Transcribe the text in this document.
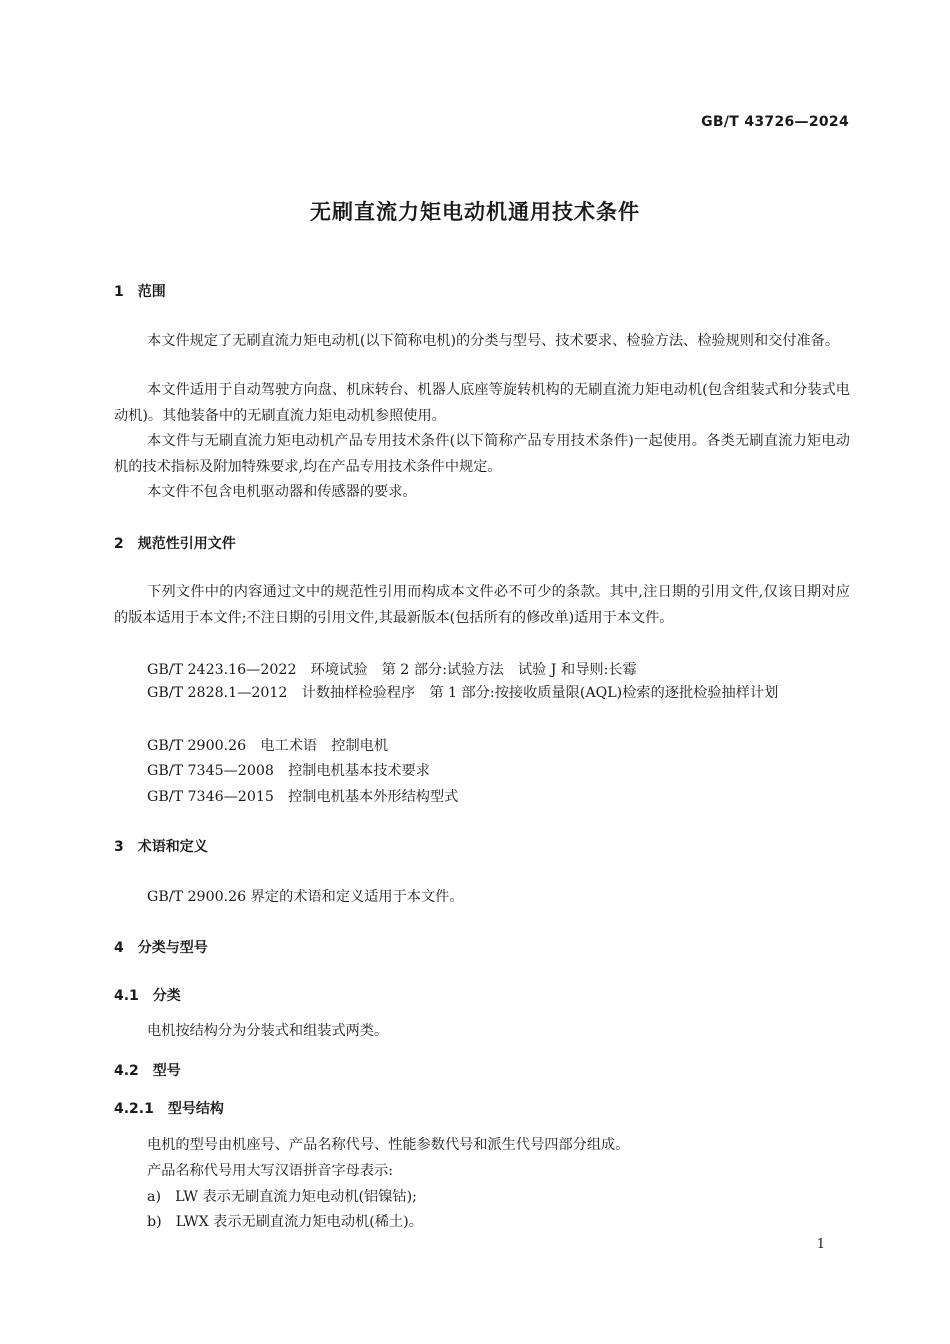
GB/T 43726—2024
无刷直流力矩电动机通用技术条件
1　范围
本文件规定了无刷直流力矩电动机(以下简称电机)的分类与型号、技术要求、检验方法、检验规则和交付准备。
本文件适用于自动驾驶方向盘、机床转台、机器人底座等旋转机构的无刷直流力矩电动机(包含组装式和分装式电动机)。其他装备中的无刷直流力矩电动机参照使用。
本文件与无刷直流力矩电动机产品专用技术条件(以下简称产品专用技术条件)一起使用。各类无刷直流力矩电动机的技术指标及附加特殊要求,均在产品专用技术条件中规定。
本文件不包含电机驱动器和传感器的要求。
2　规范性引用文件
下列文件中的内容通过文中的规范性引用而构成本文件必不可少的条款。其中,注日期的引用文件,仅该日期对应的版本适用于本文件;不注日期的引用文件,其最新版本(包括所有的修改单)适用于本文件。
GB/T 2423.16—2022　环境试验　第 2 部分:试验方法　试验 J 和导则:长霉
GB/T 2828.1—2012　计数抽样检验程序　第 1 部分:按接收质量限(AQL)检索的逐批检验抽样计划
GB/T 2900.26　电工术语　控制电机
GB/T 7345—2008　控制电机基本技术要求
GB/T 7346—2015　控制电机基本外形结构型式
3　术语和定义
GB/T 2900.26 界定的术语和定义适用于本文件。
4　分类与型号
4.1　分类
电机按结构分为分装式和组装式两类。
4.2　型号
4.2.1　型号结构
电机的型号由机座号、产品名称代号、性能参数代号和派生代号四部分组成。
产品名称代号用大写汉语拼音字母表示:
a)　LW 表示无刷直流力矩电动机(铝镍钴);
b)　LWX 表示无刷直流力矩电动机(稀土)。
1
